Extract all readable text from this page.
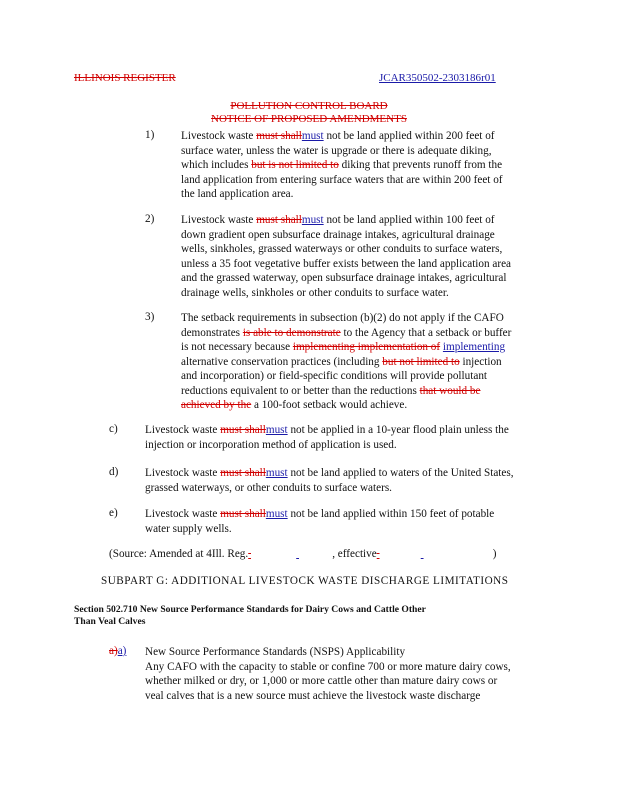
ILLINOIS REGISTER	JCAR350502-2303186r01
POLLUTION CONTROL BOARD
NOTICE OF PROPOSED AMENDMENTS
1) Livestock waste must shallmust not be land applied within 200 feet of
surface water, unless the water is upgrade or there is adequate diking,
which includes but is not limited to diking that prevents runoff from the
land application from entering surface waters that are within 200 feet of
the land application area.
2) Livestock waste must shallmust not be land applied within 100 feet of
down gradient open subsurface drainage intakes, agricultural drainage
wells, sinkholes, grassed waterways or other conduits to surface waters,
unless a 35 foot vegetative buffer exists between the land application area
and the grassed waterway, open subsurface drainage intakes, agricultural
drainage wells, sinkholes or other conduits to surface water.
3) The setback requirements in subsection (b)(2) do not apply if the CAFO
demonstrates is able to demonstrate to the Agency that a setback or buffer
is not necessary because implementing implementation of implementing
alternative conservation practices (including but not limited to injection
and incorporation) or field-specific conditions will provide pollutant
reductions equivalent to or better than the reductions that would be
achieved by the a 100-foot setback would achieve.
c) Livestock waste must shallmust not be applied in a 10-year flood plain unless the
injection or incorporation method of application is used.
d) Livestock waste must shallmust not be land applied to waters of the United States,
grassed waterways, or other conduits to surface waters.
e) Livestock waste must shallmust not be land applied within 150 feet of potable
water supply wells.
(Source: Amended at 4Ill. Reg.	, effective	)
SUBPART G: ADDITIONAL LIVESTOCK WASTE DISCHARGE LIMITATIONS
Section 502.710 New Source Performance Standards for Dairy Cows and Cattle Other
Than Veal Calves
a)a) New Source Performance Standards (NSPS) Applicability
Any CAFO with the capacity to stable or confine 700 or more mature dairy cows,
whether milked or dry, or 1,000 or more cattle other than mature dairy cows or
veal calves that is a new source must achieve the livestock waste discharge
